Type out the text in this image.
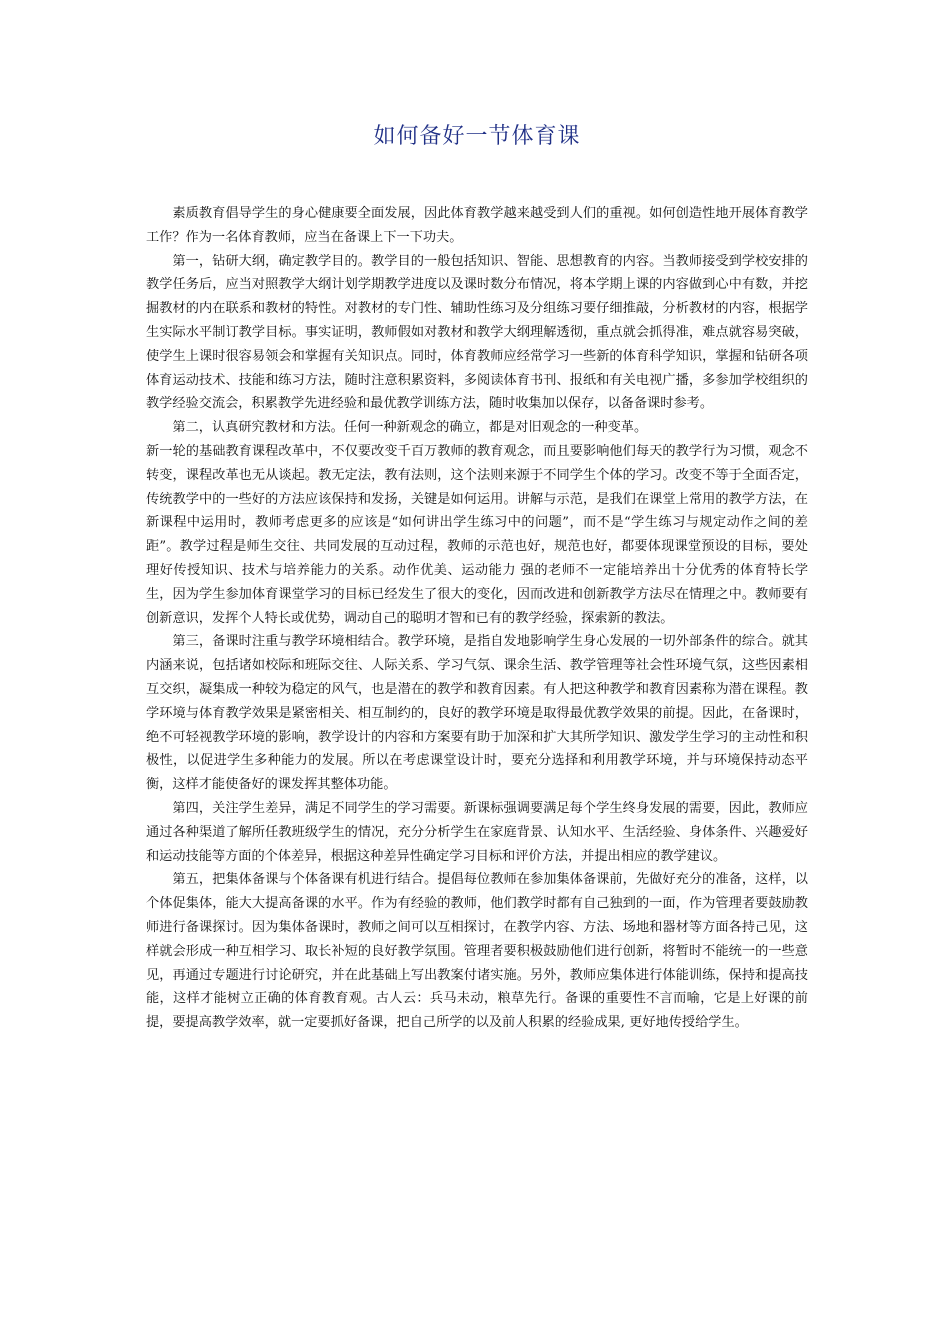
如何备好一节体育课

素质教育倡导学生的身心健康要全面发展，因此体育教学越来越受到人们的重视。如何创造性地开展体育教学工作？作为一名体育教师，应当在备课上下一下功夫。

第一，钻研大纲，确定教学目的。教学目的一般包括知识、智能、思想教育的内容。当教师接受到学校安排的教学任务后，应当对照教学大纲计划学期教学进度以及课时数分布情况，将本学期上课的内容做到心中有数，并挖掘教材的内在联系和教材的特性。对教材的专门性、辅助性练习及分组练习要仔细推敲，分析教材的内容，根据学生实际水平制订教学目标。事实证明，教师假如对教材和教学大纲理解透彻，重点就会抓得准，难点就容易突破，使学生上课时很容易领会和掌握有关知识点。同时，体育教师应经常学习一些新的体育科学知识，掌握和钻研各项体育运动技术、技能和练习方法，随时注意积累资料，多阅读体育书刊、报纸和有关电视广播，多参加学校组织的教学经验交流会，积累教学先进经验和最优教学训练方法，随时收集加以保存，以备备课时参考。

第二，认真研究教材和方法。任何一种新观念的确立，都是对旧观念的一种变革。

新一轮的基础教育课程改革中，不仅要改变千百万教师的教育观念，而且要影响他们每天的教学行为习惯，观念不转变，课程改革也无从谈起。教无定法，教有法则，这个法则来源于不同学生个体的学习。改变不等于全面否定，传统教学中的一些好的方法应该保持和发扬，关键是如何运用。讲解与示范，是我们在课堂上常用的教学方法，在新课程中运用时，教师考虑更多的应该是“如何讲出学生练习中的问题”，而不是“学生练习与规定动作之间的差距”。教学过程是师生交往、共同发展的互动过程，教师的示范也好，规范也好，都要体现课堂预设的目标，要处理好传授知识、技术与培养能力的关系。动作优美、运动能力 强的老师不一定能培养出十分优秀的体育特长学生，因为学生参加体育课堂学习的目标已经发生了很大的变化，因而改进和创新教学方法尽在情理之中。教师要有创新意识，发挥个人特长或优势，调动自己的聪明才智和已有的教学经验，探索新的教法。

第三，备课时注重与教学环境相结合。教学环境，是指自发地影响学生身心发展的一切外部条件的综合。就其内涵来说，包括诸如校际和班际交往、人际关系、学习气氛、课余生活、教学管理等社会性环境气氛，这些因素相互交织，凝集成一种较为稳定的风气，也是潜在的教学和教育因素。有人把这种教学和教育因素称为潜在课程。教学环境与体育教学效果是紧密相关、相互制约的，良好的教学环境是取得最优教学效果的前提。因此，在备课时，绝不可轻视教学环境的影响，教学设计的内容和方案要有助于加深和扩大其所学知识、激发学生学习的主动性和积极性，以促进学生多种能力的发展。所以在考虑课堂设计时，要充分选择和利用教学环境，并与环境保持动态平衡，这样才能使备好的课发挥其整体功能。

第四，关注学生差异，满足不同学生的学习需要。新课标强调要满足每个学生终身发展的需要，因此，教师应通过各种渠道了解所任教班级学生的情况，充分分析学生在家庭背景、认知水平、生活经验、身体条件、兴趣爱好和运动技能等方面的个体差异，根据这种差异性确定学习目标和评价方法，并提出相应的教学建议。

第五，把集体备课与个体备课有机进行结合。提倡每位教师在参加集体备课前，先做好充分的准备，这样，以个体促集体，能大大提高备课的水平。作为有经验的教师，他们教学时都有自己独到的一面，作为管理者要鼓励教师进行备课探讨。因为集体备课时，教师之间可以互相探讨，在教学内容、方法、场地和器材等方面各持己见，这样就会形成一种互相学习、取长补短的良好教学氛围。管理者要积极鼓励他们进行创新，将暂时不能统一的一些意见，再通过专题进行讨论研究，并在此基础上写出教案付诸实施。另外，教师应集体进行体能训练，保持和提高技能，这样才能树立正确的体育教育观。古人云：兵马未动，粮草先行。备课的重要性不言而喻，它是上好课的前提，要提高教学效率，就一定要抓好备课，把自己所学的以及前人积累的经验成果, 更好地传授给学生。
